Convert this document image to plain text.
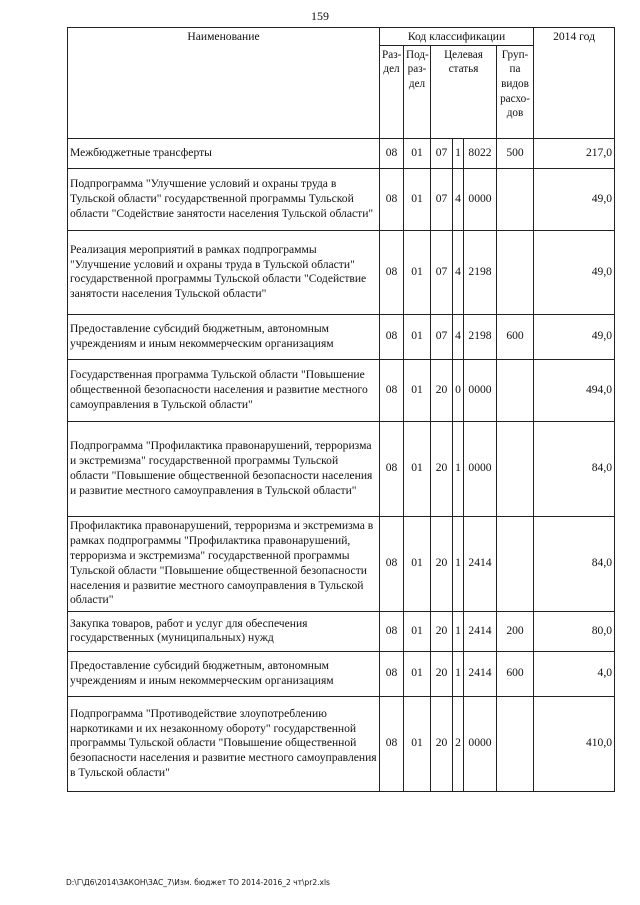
159
Наименование	Код классификации						2014 год
	Раз- дел	Под- раз- дел	Целевая статья			Груп- па видов расхо- дов	
Межбюджетные трансферты	08	01	07	1	8022	500	217,0
Подпрограмма "Улучшение условий и охраны труда в Тульской области" государственной программы Тульской области "Содействие занятости населения Тульской области"	08	01	07	4	0000		49,0
Реализация мероприятий в рамках подпрограммы "Улучшение условий и охраны труда в Тульской области" государственной программы Тульской области "Содействие занятости населения Тульской области"	08	01	07	4	2198		49,0
Предоставление субсидий бюджетным, автономным учреждениям и иным некоммерческим организациям	08	01	07	4	2198	600	49,0
Государственная программа Тульской области "Повышение общественной безопасности населения и развитие местного самоуправления в Тульской области"	08	01	20	0	0000		494,0
Подпрограмма "Профилактика правонарушений, терроризма и экстремизма" государственной программы Тульской области "Повышение общественной безопасности населения и развитие местного самоуправления в Тульской области"	08	01	20	1	0000		84,0
Профилактика правонарушений, терроризма и экстремизма в рамках подпрограммы "Профилактика правонарушений, терроризма и экстремизма" государственной программы Тульской области "Повышение общественной безопасности населения и развитие местного самоуправления в Тульской области"	08	01	20	1	2414		84,0
Закупка товаров, работ и услуг для обеспечения государственных (муниципальных) нужд	08	01	20	1	2414	200	80,0
Предоставление субсидий бюджетным, автономным учреждениям и иным некоммерческим организациям	08	01	20	1	2414	600	4,0
Подпрограмма "Противодействие злоупотреблению наркотиками и их незаконному обороту" государственной программы Тульской области "Повышение общественной безопасности населения и развитие местного самоуправления в Тульской области"	08	01	20	2	0000		410,0
D:\Г\Д6\2014\ЗАКОН\ЗАС_7\Изм. бюджет ТО 2014-2016_2 чт\pr2.xls
